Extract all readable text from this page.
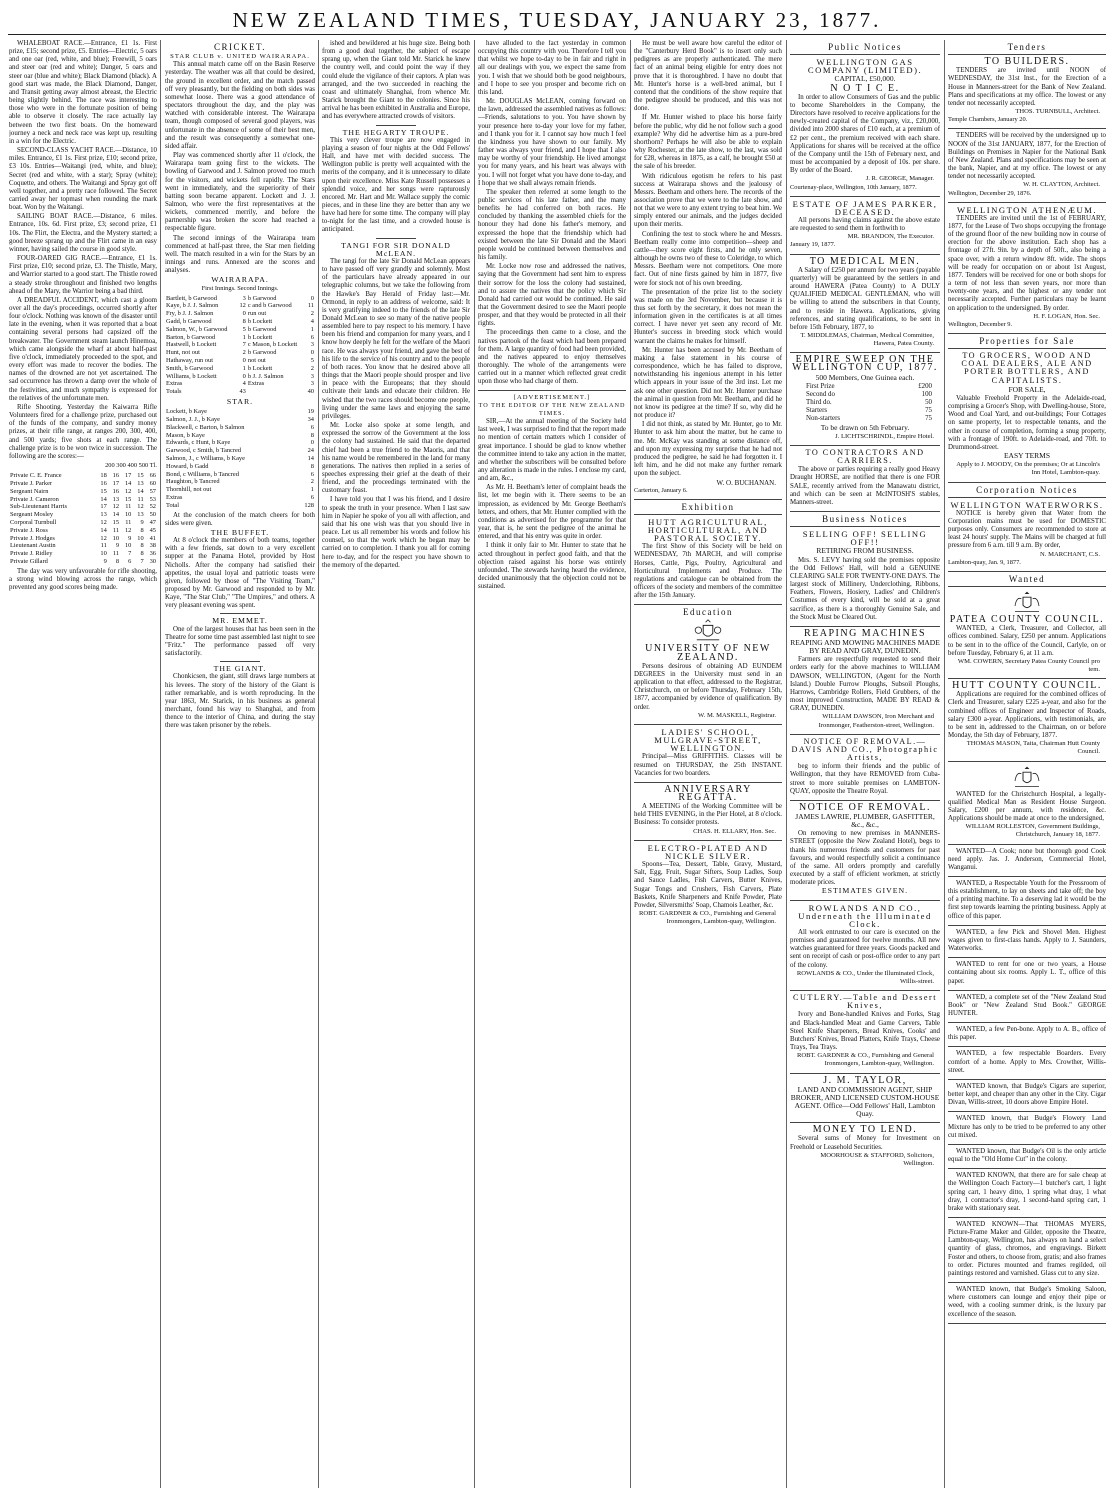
NEW ZEALAND TIMES, TUESDAY, JANUARY 23, 1877.

WHALEBOAT RACE.—Entrance, £1 1s. First prize, £15; second prize, £5. Entries—Electric, 5 oars and one oar (red, white, and blue); Freewill, 5 oars and steer oar (red and white); Danger, 5 oars and steer oar (blue and white); Black Diamond (black). A good start was made, the Black Diamond, Danger, and Transit getting away almost abreast, the Electric being slightly behind. The race was interesting to those who were in the fortunate position of being able to observe it closely. The race actually lay between the two first boats. On the homeward journey a neck and neck race was kept up, resulting in a win for the Electric.

SECOND-CLASS YACHT RACE.—Distance, 10 miles. Entrance, £1 1s. First prize, £10; second prize, £3 10s. Entries—Waitangi (red, white, and blue); Secret (red and white, with a star); Spray (white); Coquette, and others. The Waitangi and Spray got off well together, and a pretty race followed. The Secret carried away her topmast when rounding the mark boat. Won by the Waitangi.

SAILING BOAT RACE.—Distance, 6 miles. Entrance, 10s. 6d. First prize, £3; second prize, £1 10s. The Flirt, the Electra, and the Mystery started; a good breeze sprang up and the Flirt came in an easy winner, having sailed the course in good style.

FOUR-OARED GIG RACE.—Entrance, £1 1s. First prize, £10; second prize, £3. The Thistle, Mary, and Warrior started to a good start. The Thistle rowed a steady stroke throughout and finished two lengths ahead of the Mary, the Warrior being a bad third.

A DREADFUL ACCIDENT, which cast a gloom over all the day's proceedings, occurred shortly after four o'clock. Nothing was known of the disaster until late in the evening, when it was reported that a boat containing several persons had capsized off the breakwater. The Government steam launch Hinemoa, which came alongside the wharf at about half-past five o'clock, immediately proceeded to the spot, and every effort was made to recover the bodies. The names of the drowned are not yet ascertained. The sad occurrence has thrown a damp over the whole of the festivities, and much sympathy is expressed for the relatives of the unfortunate men.

Rifle Shooting. Yesterday the Kaiwarra Rifle Volunteers fired for a challenge prize, purchased out of the funds of the company, and sundry money prizes, at their rifle range, at ranges 200, 300, 400, and 500 yards; five shots at each range. The challenge prize is to be won twice in succession. The following are the scores:—

200 300 400 500 Tl.
Private C. E. France	18	16	17	15	66
Private J. Parker	16	17	14	13	60
Sergeant Nairn	15	16	12	14	57
Private J. Cameron	14	13	15	11	53
Sub-Lieutenant Harris	17	12	11	12	52
Sergeant Mosley	13	14	10	13	50
Corporal Turnbull	12	15	11	9	47
Private J. Ross	14	11	12	8	45
Private J. Hodges	12	10	9	10	41
Lieutenant Austin	11	9	10	8	38
Private J. Ridley	10	11	7	8	36
Private Gillard	9	8	6	7	30

The day was very unfavourable for rifle shooting, a strong wind blowing across the range, which prevented any good scores being made.

CRICKET.
STAR CLUB v. UNITED WAIRARAPA.

This annual match came off on the Basin Reserve yesterday. The weather was all that could be desired, the ground in excellent order, and the match passed off very pleasantly, but the fielding on both sides was somewhat loose. There was a good attendance of spectators throughout the day, and the play was watched with considerable interest. The Wairarapa team, though composed of several good players, was unfortunate in the absence of some of their best men, and the result was consequently a somewhat one-sided affair.

Play was commenced shortly after 11 o'clock, the Wairarapa team going first to the wickets. The bowling of Garwood and J. Salmon proved too much for the visitors, and wickets fell rapidly. The Stars went in immediately, and the superiority of their batting soon became apparent. Lockett and J. J. Salmon, who were the first representatives at the wickets, commenced merrily, and before the partnership was broken the score had reached a respectable figure.

The second innings of the Wairarapa team commenced at half-past three, the Star men fielding well. The match resulted in a win for the Stars by an innings and runs. Annexed are the scores and analyses.

WAIRARAPA.
First Innings. Second Innings.
Bartlett, b Garwood	3	b Garwood	0
Kaye, b J. J. Salmon	12	c and b Garwood	11
Fry, b J. J. Salmon	0	run out	2
Gadd, b Garwood	8	b Lockett	4
Salmon, W., b Garwood	5	b Garwood	1
Barton, b Garwood	1	b Lockett	6
Hastwell, b Lockett	7	c Mason, b Lockett	3
Hunt, not out	2	b Garwood	0
Hathaway, run out	0	not out	5
Smith, b Garwood	1	b Lockett	2
Williams, b Lockett	0	b J. J. Salmon	3
Extras	4	Extras	3
Totals	43		40
STAR.
Lockett, b Kaye	19
Salmon, J. J., b Kaye	34
Blackwell, c Barton, b Salmon	6
Mason, b Kaye	8
Edwards, c Hunt, b Kaye	0
Garwood, c Smith, b Tancred	24
Salmon, J., c Williams, b Kaye	14
Howard, b Gadd	8
Bond, c Williams, b Tancred	6
Haughton, b Tancred	2
Thornhill, not out	1
Extras	6
Total	128

At the conclusion of the match cheers for both sides were given.

THE BUFFET.

At 8 o'clock the members of both teams, together with a few friends, sat down to a very excellent supper at the Panama Hotel, provided by Host Nicholls. After the company had satisfied their appetites, the usual loyal and patriotic toasts were given, followed by those of "The Visiting Team," proposed by Mr. Garwood and responded to by Mr. Kaye, "The Star Club," "The Umpires," and others. A very pleasant evening was spent.

MR. EMMET.

One of the largest houses that has been seen in the Theatre for some time past assembled last night to see "Fritz." The performance passed off very satisfactorily.

THE GIANT.

Chonkicsen, the giant, still draws large numbers at his levees. The story of the history of the Giant is rather remarkable, and is worth reproducing. In the year 1863, Mr. Starick, in his business as general merchant, found his way to Shanghai, and from thence to the interior of China, and during the stay there was taken prisoner by the rebels.

ished and bewildered at his huge size. Being both from a good deal together, the subject of escape sprang up, when the Giant told Mr. Starick he knew the country well, and could point the way if they could elude the vigilance of their captors. A plan was arranged, and the two succeeded in reaching the coast and ultimately Shanghai, from whence Mr. Starick brought the Giant to the colonies. Since his arrival he has been exhibited in Australia and Europe, and has everywhere attracted crowds of visitors.

THE HEGARTY TROUPE.

This very clever troupe are now engaged in playing a season of four nights at the Odd Fellows' Hall, and have met with decided success. The Wellington public is pretty well acquainted with the merits of the company, and it is unnecessary to dilate upon their excellence. Miss Kate Russell possesses a splendid voice, and her songs were rapturously encored. Mr. Hart and Mr. Wallace supply the comic pieces, and in these line they are better than any we have had here for some time. The company will play to-night for the last time, and a crowded house is anticipated.

TANGI FOR SIR DONALD McLEAN.

The tangi for the late Sir Donald McLean appears to have passed off very grandly and solemnly. Most of the particulars have already appeared in our telegraphic columns, but we take the following from the Hawke's Bay Herald of Friday last:—Mr. Ormond, in reply to an address of welcome, said: It is very gratifying indeed to the friends of the late Sir Donald McLean to see so many of the native people assembled here to pay respect to his memory. I have been his friend and companion for many years, and I know how deeply he felt for the welfare of the Maori race. He was always your friend, and gave the best of his life to the service of his country and to the people of both races. You know that he desired above all things that the Maori people should prosper and live in peace with the Europeans; that they should cultivate their lands and educate their children. He wished that the two races should become one people, living under the same laws and enjoying the same privileges.

Mr. Locke also spoke at some length, and expressed the sorrow of the Government at the loss the colony had sustained. He said that the departed chief had been a true friend to the Maoris, and that his name would be remembered in the land for many generations. The natives then replied in a series of speeches expressing their grief at the death of their friend, and the proceedings terminated with the customary feast.

I have told you that I was his friend, and I desire to speak the truth in your presence. When I last saw him in Napier he spoke of you all with affection, and said that his one wish was that you should live in peace. Let us all remember his words and follow his counsel, so that the work which he began may be carried on to completion. I thank you all for coming here to-day, and for the respect you have shown to the memory of the departed.

have alluded to the fact yesterday in common occupying this country with you. Therefore I tell you that whilst we hope to-day to be in fair and right in all our dealings with you, we expect the same from you. I wish that we should both be good neighbours, and I hope to see you prosper and become rich on this land.

Mr. DOUGLAS McLEAN, coming forward on the lawn, addressed the assembled natives as follows:—Friends, salutations to you. You have shown by your presence here to-day your love for my father, and I thank you for it. I cannot say how much I feel the kindness you have shown to our family. My father was always your friend, and I hope that I also may be worthy of your friendship. He lived amongst you for many years, and his heart was always with you. I will not forget what you have done to-day, and I hope that we shall always remain friends.

The speaker then referred at some length to the public services of his late father, and the many benefits he had conferred on both races. He concluded by thanking the assembled chiefs for the honour they had done his father's memory, and expressed the hope that the friendship which had existed between the late Sir Donald and the Maori people would be continued between themselves and his family.

Mr. Locke now rose and addressed the natives, saying that the Government had sent him to express their sorrow for the loss the colony had sustained, and to assure the natives that the policy which Sir Donald had carried out would be continued. He said that the Government desired to see the Maori people prosper, and that they would be protected in all their rights.

The proceedings then came to a close, and the natives partook of the feast which had been prepared for them. A large quantity of food had been provided, and the natives appeared to enjoy themselves thoroughly. The whole of the arrangements were carried out in a manner which reflected great credit upon those who had charge of them.

[ADVERTISEMENT.]
TO THE EDITOR OF THE NEW ZEALAND TIMES.

SIR,—At the annual meeting of the Society held last week, I was surprised to find that the report made no mention of certain matters which I consider of great importance. I should be glad to know whether the committee intend to take any action in the matter, and whether the subscribers will be consulted before any alteration is made in the rules. I enclose my card, and am, &c.,

As Mr. H. Beetham's letter of complaint heads the list, let me begin with it. There seems to be an impression, as evidenced by Mr. George Beetham's letters, and others, that Mr. Hunter complied with the conditions as advertised for the programme for that year, that is, he sent the pedigree of the animal he entered, and that his entry was quite in order.

I think it only fair to Mr. Hunter to state that he acted throughout in perfect good faith, and that the objection raised against his horse was entirely unfounded. The stewards having heard the evidence, decided unanimously that the objection could not be sustained.

He must be well aware how careful the editor of the "Canterbury Herd Book" is to insert only such pedigrees as are properly authenticated. The mere fact of an animal being eligible for entry does not prove that it is thoroughbred. I have no doubt that Mr. Hunter's horse is a well-bred animal, but I contend that the conditions of the show require that the pedigree should be produced, and this was not done.

If Mr. Hunter wished to place his horse fairly before the public, why did he not follow such a good example? Why did he advertise him as a pure-bred shorthorn? Perhaps he will also be able to explain why Rochester, at the late show, to the last, was sold for £28, whereas in 1875, as a calf, he brought £50 at the sale of his breeder.

With ridiculous egotism he refers to his past success at Wairarapa shows and the jealousy of Messrs. Beetham and others here. The records of the association prove that we were to the late show, and not that we were to any extent trying to beat him. We simply entered our animals, and the judges decided upon their merits.

Confining the test to stock where he and Messrs. Beetham really come into competition—sheep and cattle—they score eight firsts, and he only seven, although he owns two of these to Coleridge, to which Messrs. Beetham were not competitors. One more fact. Out of nine firsts gained by him in 1877, five were for stock not of his own breeding.

The presentation of the prize list to the society was made on the 3rd November, but because it is thus set forth by the secretary, it does not mean the information given in the certificates is at all times correct. I have never yet seen any record of Mr. Hunter's success in breeding stock which would warrant the claims he makes for himself.

Mr. Hunter has been accused by Mr. Beetham of making a false statement in his course of correspondence, which he has failed to disprove, notwithstanding his ingenious attempt in his letter which appears in your issue of the 3rd inst. Let me ask one other question. Did not Mr. Hunter purchase the animal in question from Mr. Beetham, and did he not know its pedigree at the time? If so, why did he not produce it?

I did not think, as stated by Mr. Hunter, go to Mr. Hunter to ask him about the matter, but he came to me. Mr. McKay was standing at some distance off, and upon my expressing my surprise that he had not produced the pedigree, he said he had forgotten it. I left him, and he did not make any further remark upon the subject.

W. O. BUCHANAN.
Carterton, January 6.
Exhibition
HUTT AGRICULTURAL, HORTICULTURAL, AND PASTORAL SOCIETY.
The first Show of this Society will be held on WEDNESDAY, 7th MARCH, and will comprise Horses, Cattle, Pigs, Poultry, Agricultural and Horticultural Implements and Produce. The regulations and catalogue can be obtained from the officers of the society and members of the committee after the 15th January.
Education
UNIVERSITY OF NEW ZEALAND.
Persons desirous of obtaining AD EUNDEM DEGREES in the University must send in an application to that effect, addressed to the Registrar, Christchurch, on or before Thursday, February 15th, 1877, accompanied by evidence of qualification. By order.
W. M. MASKELL, Registrar.
LADIES' SCHOOL, MULGRAVE-STREET, WELLINGTON.
Principal—Miss GRIFFITHS. Classes will be resumed on THURSDAY, the 25th INSTANT. Vacancies for two boarders.
ANNIVERSARY REGATTA.
A MEETING of the Working Committee will be held THIS EVENING, in the Pier Hotel, at 8 o'clock. Business: To consider protests.
CHAS. H. ELLARY, Hon. Sec.
ELECTRO-PLATED AND NICKLE SILVER.
Spoons—Tea, Dessert, Table, Gravy, Mustard, Salt, Egg, Fruit, Sugar Sifters, Soup Ladles, Soup and Sauce Ladles, Fish Carvers, Butter Knives, Sugar Tongs and Crushers, Fish Carvers, Plate Baskets, Knife Sharpeners and Knife Powder, Plate Powder, Silversmiths' Soap, Chamois Leather, &c.
ROBT. GARDNER & CO., Furnishing and General Ironmongers, Lambton-quay, Wellington.
Public Notices
WELLINGTON GAS COMPANY (LIMITED).
CAPITAL, £50,000.
N O T I C E.
In order to allow Consumers of Gas and the public to become Shareholders in the Company, the Directors have resolved to receive applications for the newly-created capital of the Company, viz., £20,000, divided into 2000 shares of £10 each, at a premium of £2 per cent., the premium received with each share. Applications for shares will be received at the office of the Company until the 15th of February next, and must be accompanied by a deposit of 10s. per share. By order of the Board.
J. R. GEORGE, Manager.
Courtenay-place, Wellington, 10th January, 1877.
ESTATE OF JAMES PARKER, DECEASED.
All persons having claims against the above estate are requested to send them in forthwith to
MR. BRANDON, The Executor.
January 19, 1877.
TO MEDICAL MEN.
A Salary of £250 per annum for two years (payable quarterly) will be guaranteed by the settlers in and around HAWERA (Patea County) to A DULY QUALIFIED MEDICAL GENTLEMAN, who will be willing to attend the subscribers in that County, and to reside in Hawera. Applications, giving references, and stating qualifications, to be sent in before 15th February, 1877, to
T. MIDDLEMAS, Chairman, Medical Committee, Hawera, Patea County.
EMPIRE SWEEP ON THE WELLINGTON CUP, 1877.
500 Members, One Guinea each.
First Prize	£200
Second do	100
Third do.	50
Starters	75
Non-starters	75
To be drawn on 5th February.
J. LICHTSCHRINDL, Empire Hotel.
TO CONTRACTORS AND CARRIERS.
The above or parties requiring a really good Heavy Draught HORSE, are notified that there is one FOR SALE, recently arrived from the Manawatu district, and which can be seen at McINTOSH'S stables, Manners-street.
Business Notices
SELLING OFF! SELLING OFF!!
RETIRING FROM BUSINESS.
Mrs. S. LEVY having sold the premises opposite the Odd Fellows' Hall, will hold a GENUINE CLEARING SALE FOR TWENTY-ONE DAYS. The largest stock of Millinery, Underclothing, Ribbons, Feathers, Flowers, Hosiery, Ladies' and Children's Costumes of every kind, will be sold at a great sacrifice, as there is a thoroughly Genuine Sale, and the Stock Must be Cleared Out.
REAPING MACHINES
REAPING AND MOWING MACHINES MADE BY READ AND GRAY, DUNEDIN.
Farmers are respectfully requested to send their orders early for the above machines to WILLIAM DAWSON, WELLINGTON, (Agent for the North Island.) Double Furrow Ploughs, Subsoil Ploughs, Harrows, Cambridge Rollers, Field Grubbers, of the most improved Construction, MADE BY READ & GRAY, DUNEDIN.
WILLIAM DAWSON, Iron Merchant and Ironmonger, Featherston-street, Wellington.
NOTICE OF REMOVAL.—DAVIS AND CO., Photographic Artists,
beg to inform their friends and the public of Wellington, that they have REMOVED from Cuba-street to more suitable premises on LAMBTON-QUAY, opposite the Theatre Royal.
NOTICE OF REMOVAL.
JAMES LAWRIE, PLUMBER, GASFITTER, &c., &c.,
On removing to new premises in MANNERS-STREET (opposite the New Zealand Hotel), begs to thank his numerous friends and customers for past favours, and would respectfully solicit a continuance of the same. All orders promptly and carefully executed by a staff of efficient workmen, at strictly moderate prices.
ESTIMATES GIVEN.
ROWLANDS AND CO., Underneath the Illuminated Clock.
All work entrusted to our care is executed on the premises and guaranteed for twelve months. All new watches guaranteed for three years. Goods packed and sent on receipt of cash or post-office order to any part of the colony.
ROWLANDS & CO., Under the Illuminated Clock, Willis-street.
CUTLERY.—Table and Dessert Knives,
Ivory and Bone-handled Knives and Forks, Stag and Black-handled Meat and Game Carvers, Table Steel Knife Sharpeners, Bread Knives, Cooks' and Butchers' Knives, Bread Platters, Knife Trays, Cheese Trays, Tea Trays.
ROBT. GARDNER & CO., Furnishing and General Ironmongers, Lambton-quay, Wellington.
J. M. TAYLOR,
LAND AND COMMISSION AGENT, SHIP BROKER, AND LICENSED CUSTOM-HOUSE AGENT. Office—Odd Fellows' Hall, Lambton Quay.
MONEY TO LEND.
Several sums of Money for Investment on Freehold or Leasehold Securities.
MOORHOUSE & STAFFORD, Solicitors, Wellington.
Tenders
TO BUILDERS.
TENDERS are invited until NOON of WEDNESDAY, the 31st Inst., for the Erection of a House in Manners-street for the Bank of New Zealand. Plans and specifications at my office. The lowest or any tender not necessarily accepted.
THOS. TURNBULL, Architect.
Temple Chambers, January 20.
TENDERS will be received by the undersigned up to NOON of the 31st JANUARY, 1877, for the Erection of Buildings on Premises in Napier for the National Bank of New Zealand. Plans and specifications may be seen at the bank, Napier, and at my office. The lowest or any tender not necessarily accepted.
W. H. CLAYTON, Architect.
Wellington, December 29, 1876.
WELLINGTON ATHENÆUM.
TENDERS are invited until the 1st of FEBRUARY, 1877, for the Lease of Two shops occupying the frontage of the ground floor of the new building now in course of erection for the above institution. Each shop has a frontage of 27ft. 9in. by a depth of 50ft., also being a space over, with a return window 8ft. wide. The shops will be ready for occupation on or about 1st August, 1877. Tenders will be received for one or both shops for a term of not less than seven years, nor more than twenty-one years, and the highest or any tender not necessarily accepted. Further particulars may be learnt on application to the undersigned. By order.
H. F. LOGAN, Hon. Sec.
Wellington, December 9.
Properties for Sale
TO GROCERS, WOOD AND COAL DEALERS, ALE AND PORTER BOTTLERS, AND CAPITALISTS.
FOR SALE,
Valuable Freehold Property in the Adelaide-road, comprising a Grocer's Shop, with Dwelling-house, Store, Wood and Coal Yard, and out-buildings; Four Cottages on same property, let to respectable tenants, and the other in course of completion, forming a snug property, with a frontage of 190ft. to Adelaide-road, and 70ft. to Drummond-street.
EASY TERMS
Apply to J. MOODY, On the premises; Or at Lincoln's Inn Hotel, Lambton-quay.
Corporation Notices
WELLINGTON WATERWORKS.
NOTICE is hereby given that Water from the Corporation mains must be used for DOMESTIC purposes only. Consumers are recommended to store at least 24 hours' supply. The Mains will be charged at full pressure from 6 a.m. till 9 a.m. By order,
N. MARCHANT, C.S.
Lambton-quay, Jan. 9, 1877.
Wanted
PATEA COUNTY COUNCIL.
WANTED, a Clerk, Treasurer, and Collector, all offices combined. Salary, £250 per annum. Applications to be sent in to the office of the Council, Carlyle, on or before Tuesday, February 6, at 11 a.m.
WM. COWERN, Secretary Patea County Council pro tem.
HUTT COUNTY COUNCIL.
Applications are required for the combined offices of Clerk and Treasurer, salary £225 a-year, and also for the combined offices of Engineer and Inspector of Roads, salary £300 a-year. Applications, with testimonials, are to be sent in, addressed to the Chairman, on or before Monday, the 5th day of February, 1877.
THOMAS MASON, Taita, Chairman Hutt County Council.
WANTED for the Christchurch Hospital, a legally-qualified Medical Man as Resident House Surgeon. Salary, £200 per annum, with residence, &c. Applications should be made at once to the undersigned,
WILLIAM ROLLESTON, Government Buildings, Christchurch, January 18, 1877.
WANTED—A Cook; none but thorough good Cook need apply. Jas. J. Anderson, Commercial Hotel, Wanganui.
WANTED, a Respectable Youth for the Pressroom of this establishment, to lay on sheets and take off; the boy of a printing machine. To a deserving lad it would be the first step towards learning the printing business. Apply at office of this paper.
WANTED, a few Pick and Shovel Men. Highest wages given to first-class hands. Apply to J. Saunders, Waterworks.
WANTED to rent for one or two years, a House containing about six rooms. Apply L. T., office of this paper.
WANTED, a complete set of the "New Zealand Stud Book" or "New Zealand Stud Book." GEORGE HUNTER.
WANTED, a few Pen-bone. Apply to A. B., office of this paper.
WANTED, a few respectable Boarders. Every comfort of a home. Apply to Mrs. Crowther, Willis-street.
WANTED known, that Budge's Cigars are superior, better kept, and cheaper than any other in the City. Cigar Divan, Willis-street, 10 doors above Empire Hotel.
WANTED known, that Budge's Flowery Land Mixture has only to be tried to be preferred to any other cut mixed.
WANTED known, that Budge's Oil is the only article equal to the "Old Home Cut" in the colony.
WANTED KNOWN, that there are for sale cheap at the Wellington Coach Factory—1 butcher's cart, 1 light spring cart, 1 heavy ditto, 1 spring what dray, 1 what dray, 1 contractor's dray, 1 second-hand spring cart, 1 brake with stationary seat.
WANTED KNOWN—That THOMAS MYERS, Picture-Frame Maker and Gilder, opposite the Theatre, Lambton-quay, Wellington, has always on hand a select quantity of glass, chromos, and engravings. Birkett Foster and others, to choose from, gratis; and also frames to order. Pictures mounted and frames regilded, oil paintings restored and varnished. Glass cut to any size.
WANTED known, that Budge's Smoking Saloon, where customers can lounge and enjoy their pipe or weed, with a cooling summer drink, is the luxury par excellence of the season.
